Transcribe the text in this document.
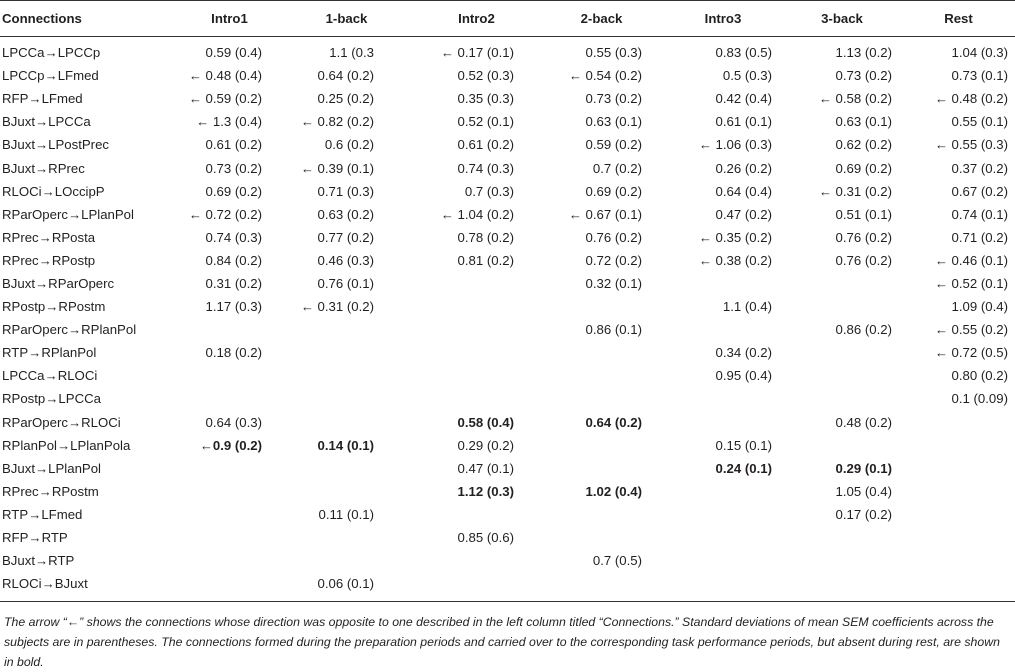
Connections	Intro1	1-back	Intro2	2-back	Intro3	3-back	Rest
LPCCa→LPCCp	0.59 (0.4)	1.1 (0.3	← 0.17 (0.1)	0.55 (0.3)	0.83 (0.5)	1.13 (0.2)	1.04 (0.3)
LPCCp→LFmed	← 0.48 (0.4)	0.64 (0.2)	0.52 (0.3)	← 0.54 (0.2)	0.5 (0.3)	0.73 (0.2)	0.73 (0.1)
RFP→LFmed	← 0.59 (0.2)	0.25 (0.2)	0.35 (0.3)	0.73 (0.2)	0.42 (0.4)	← 0.58 (0.2)	← 0.48 (0.2)
BJuxt→LPCCa	← 1.3 (0.4)	← 0.82 (0.2)	0.52 (0.1)	0.63 (0.1)	0.61 (0.1)	0.63 (0.1)	0.55 (0.1)
BJuxt→LPostPrec	0.61 (0.2)	0.6 (0.2)	0.61 (0.2)	0.59 (0.2)	← 1.06 (0.3)	0.62 (0.2)	← 0.55 (0.3)
BJuxt→RPrec	0.73 (0.2)	← 0.39 (0.1)	0.74 (0.3)	0.7 (0.2)	0.26 (0.2)	0.69 (0.2)	0.37 (0.2)
RLOCi→LOccipP	0.69 (0.2)	0.71 (0.3)	0.7 (0.3)	0.69 (0.2)	0.64 (0.4)	← 0.31 (0.2)	0.67 (0.2)
RParOperc→LPlanPol	← 0.72 (0.2)	0.63 (0.2)	← 1.04 (0.2)	← 0.67 (0.1)	0.47 (0.2)	0.51 (0.1)	0.74 (0.1)
RPrec→RPosta	0.74 (0.3)	0.77 (0.2)	0.78 (0.2)	0.76 (0.2)	← 0.35 (0.2)	0.76 (0.2)	0.71 (0.2)
RPrec→RPostp	0.84 (0.2)	0.46 (0.3)	0.81 (0.2)	0.72 (0.2)	← 0.38 (0.2)	0.76 (0.2)	← 0.46 (0.1)
BJuxt→RParOperc	0.31 (0.2)	0.76 (0.1)		0.32 (0.1)			← 0.52 (0.1)
RPostp→RPostm	1.17 (0.3)	← 0.31 (0.2)			1.1 (0.4)		1.09 (0.4)
RParOperc→RPlanPol				0.86 (0.1)		0.86 (0.2)	← 0.55 (0.2)
RTP→RPlanPol	0.18 (0.2)				0.34 (0.2)		← 0.72 (0.5)
LPCCa→RLOCi					0.95 (0.4)		0.80 (0.2)
RPostp→LPCCa							0.1 (0.09)
RParOperc→RLOCi	0.64 (0.3)		0.58 (0.4)	0.64 (0.2)		0.48 (0.2)	
RPlanPol→LPlanPola	←0.9 (0.2)	0.14 (0.1)	0.29 (0.2)		0.15 (0.1)		
BJuxt→LPlanPol			0.47 (0.1)		0.24 (0.1)	0.29 (0.1)	
RPrec→RPostm			1.12 (0.3)	1.02 (0.4)		1.05 (0.4)	
RTP→LFmed		0.11 (0.1)				0.17 (0.2)	
RFP→RTP			0.85 (0.6)				
BJuxt→RTP				0.7 (0.5)			
RLOCi→BJuxt		0.06 (0.1)					
The arrow “←” shows the connections whose direction was opposite to one described in the left column titled “Connections.” Standard deviations of mean SEM coefficients across the subjects are in parentheses. The connections formed during the preparation periods and carried over to the corresponding task performance periods, but absent during rest, are shown in bold.
